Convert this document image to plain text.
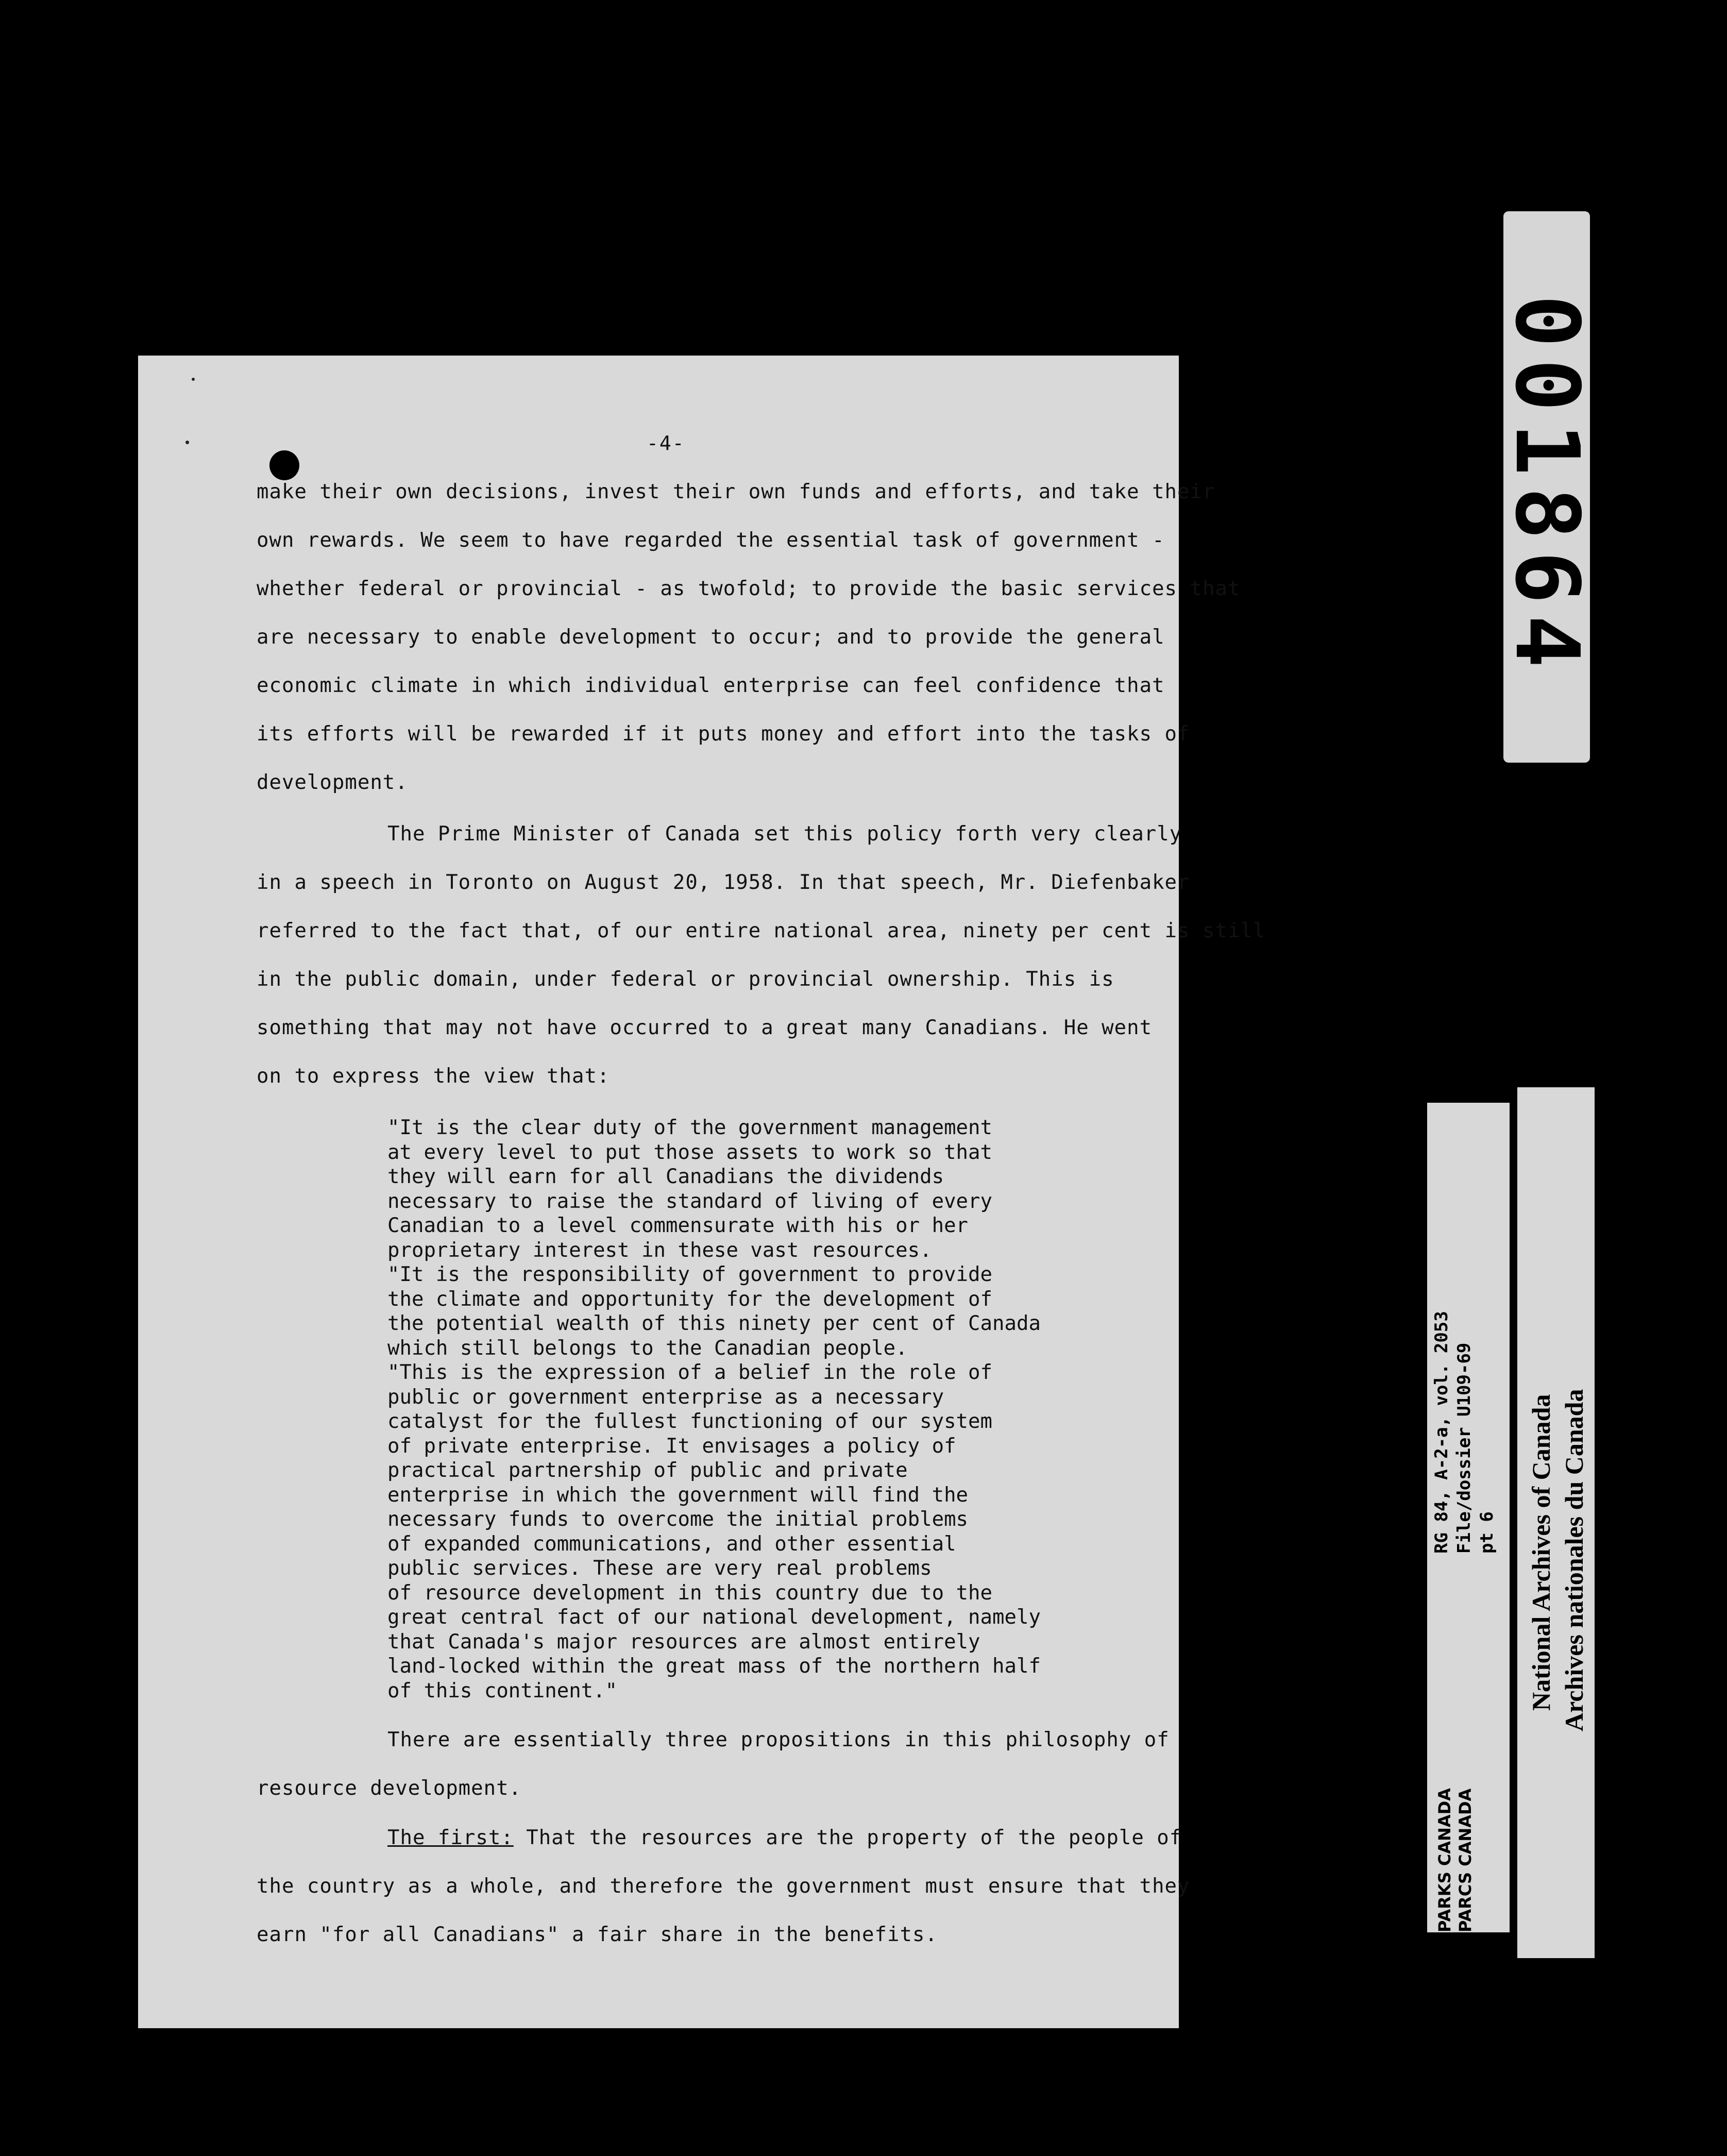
-4-
make their own decisions, invest their own funds and efforts, and take their
own rewards. We seem to have regarded the essential task of government -
whether federal or provincial - as twofold; to provide the basic services that
are necessary to enable development to occur; and to provide the general
economic climate in which individual enterprise can feel confidence that
its efforts will be rewarded if it puts money and effort into the tasks of
development.
The Prime Minister of Canada set this policy forth very clearly
in a speech in Toronto on August 20, 1958. In that speech, Mr. Diefenbaker
referred to the fact that, of our entire national area, ninety per cent is still
in the public domain, under federal or provincial ownership. This is
something that may not have occurred to a great many Canadians. He went
on to express the view that:
"It is the clear duty of the government management
at every level to put those assets to work so that
they will earn for all Canadians the dividends
necessary to raise the standard of living of every
Canadian to a level commensurate with his or her
proprietary interest in these vast resources.
"It is the responsibility of government to provide
the climate and opportunity for the development of
the potential wealth of this ninety per cent of Canada
which still belongs to the Canadian people.
"This is the expression of a belief in the role of
public or government enterprise as a necessary
catalyst for the fullest functioning of our system
of private enterprise. It envisages a policy of
practical partnership of public and private
enterprise in which the government will find the
necessary funds to overcome the initial problems
of expanded communications, and other essential
public services. These are very real problems
of resource development in this country due to the
great central fact of our national development, namely
that Canada's major resources are almost entirely
land-locked within the great mass of the northern half
of this continent."
There are essentially three propositions in this philosophy of
resource development.
The first: That the resources are the property of the people of
the country as a whole, and therefore the government must ensure that they
earn "for all Canadians" a fair share in the benefits.
001864
RG 84, A-2-a, vol. 2053 File/dossier U109-69 pt 6
PARKS CANADA PARCS CANADA
National Archives of Canada Archives nationales du Canada
